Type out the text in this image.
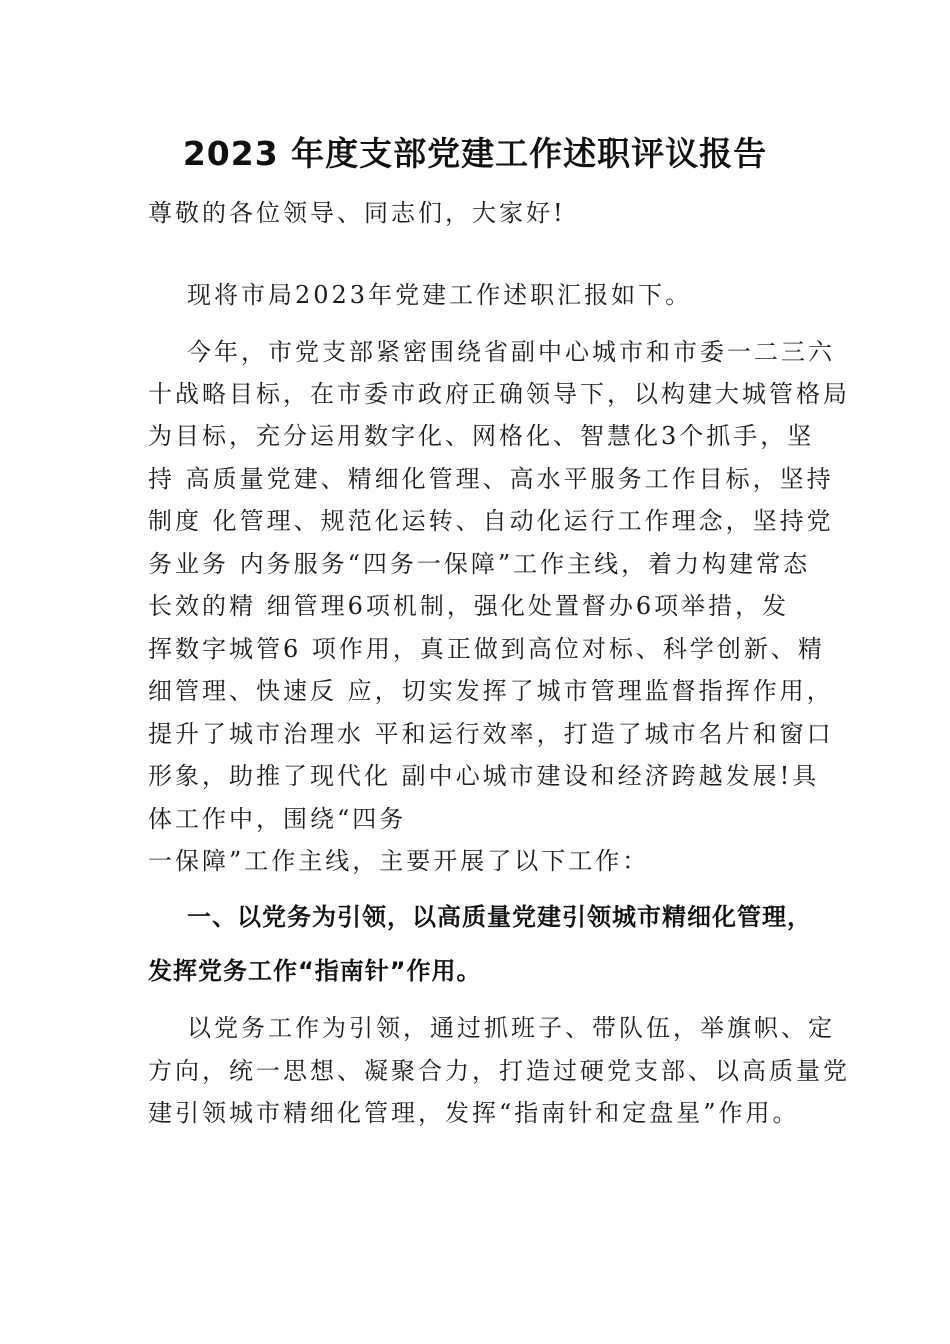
2023 年度支部党建工作述职评议报告
尊敬的各位领导、同志们，大家好!
现将市局2023年党建工作述职汇报如下。
今年，市党支部紧密围绕省副中心城市和市委一二三六
十战略目标，在市委市政府正确领导下，以构建大城管格局
为目标，充分运用数字化、网格化、智慧化3个抓手，坚
持 高质量党建、精细化管理、高水平服务工作目标，坚持
制度 化管理、规范化运转、自动化运行工作理念，坚持党
务业务 内务服务“四务一保障”工作主线，着力构建常态
长效的精 细管理6项机制，强化处置督办6项举措，发
挥数字城管6 项作用，真正做到高位对标、科学创新、精
细管理、快速反 应，切实发挥了城市管理监督指挥作用，
提升了城市治理水 平和运行效率，打造了城市名片和窗口
形象，助推了现代化 副中心城市建设和经济跨越发展!具
体工作中，围绕“四务
一保障”工作主线，主要开展了以下工作：
一、以党务为引领，以高质量党建引领城市精细化管理，
发挥党务工作“指南针”作用。
以党务工作为引领，通过抓班子、带队伍，举旗帜、定
方向，统一思想、凝聚合力，打造过硬党支部、以高质量党
建引领城市精细化管理，发挥“指南针和定盘星”作用。
